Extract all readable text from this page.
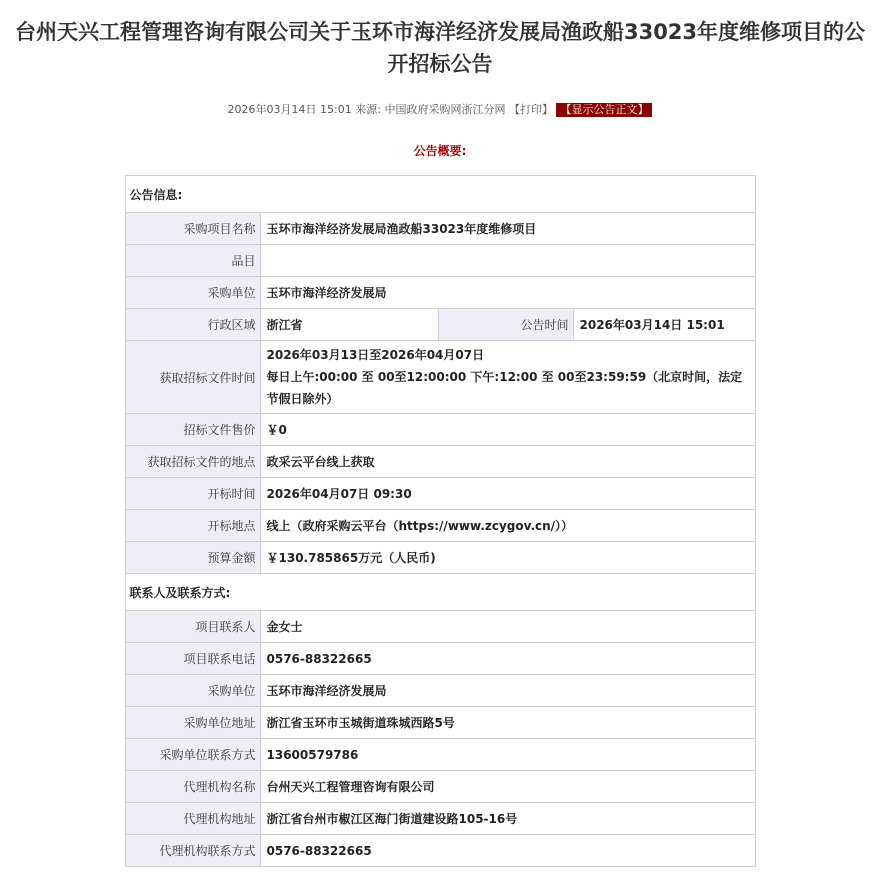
台州天兴工程管理咨询有限公司关于玉环市海洋经济发展局渔政船33023年度维修项目的公开招标公告
2026年03月14日 15:01 来源: 中国政府采购网浙江分网 【打印】 【显示公告正文】
公告概要:
公告信息:			
采购项目名称	玉环市海洋经济发展局渔政船33023年度维修项目		
品目			
采购单位	玉环市海洋经济发展局		
行政区域	浙江省	公告时间	2026年03月14日 15:01
获取招标文件时间	2026年03月13日至2026年04月07日
每日上午:00:00 至 00至12:00:00 下午:12:00 至 00至23:59:59（北京时间，法定节假日除外）		

招标文件售价	￥0		
获取招标文件的地点	政采云平台线上获取		
开标时间	2026年04月07日 09:30		
开标地点	线上（政府采购云平台（https://www.zcygov.cn/））		
预算金额	￥130.785865万元（人民币)		
联系人及联系方式:			
项目联系人	金女士		
项目联系电话	0576-88322665		
采购单位	玉环市海洋经济发展局		
采购单位地址	浙江省玉环市玉城街道珠城西路5号		
采购单位联系方式	13600579786		
代理机构名称	台州天兴工程管理咨询有限公司		
代理机构地址	浙江省台州市椒江区海门街道建设路105-16号		
代理机构联系方式	0576-88322665		
